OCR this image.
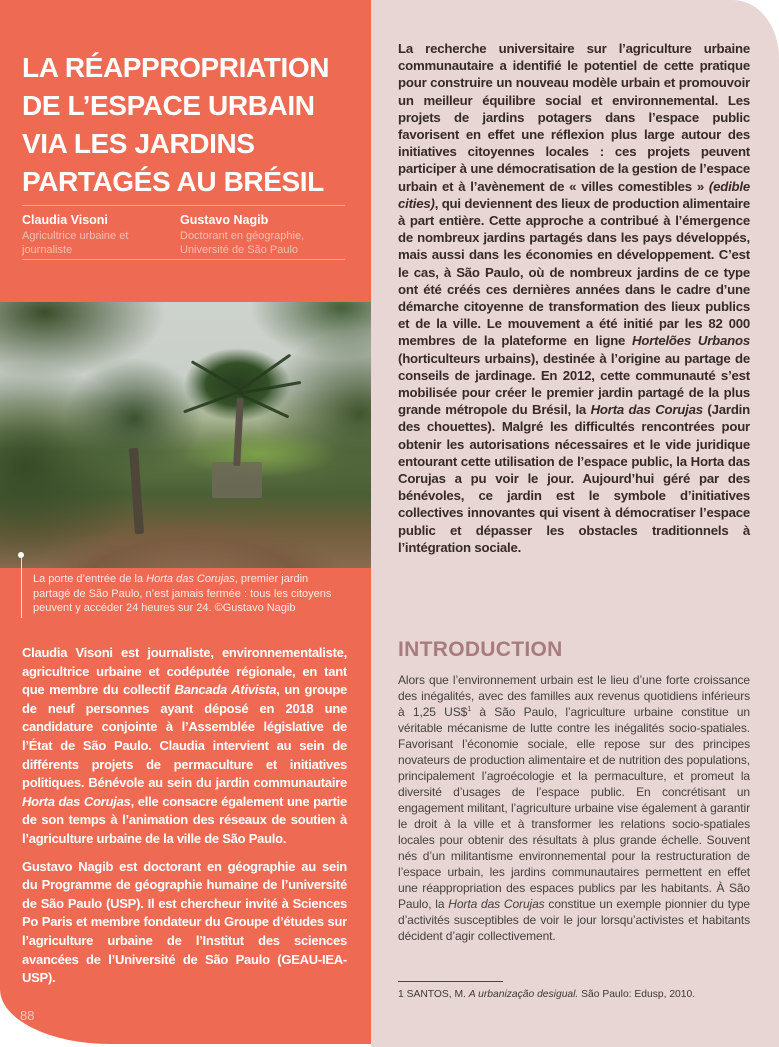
LA RÉAPPROPRIATION DE L’ESPACE URBAIN VIA LES JARDINS PARTAGÉS AU BRÉSIL
Claudia Visoni
Agricultrice urbaine et journaliste
Gustavo Nagib
Doctorant en géographie, Université de São Paulo
La porte d’entrée de la Horta das Corujas, premier jardin partagé de São Paulo, n’est jamais fermée : tous les citoyens peuvent y accéder 24 heures sur 24. ©Gustavo Nagib

Claudia Visoni est journaliste, environnementaliste, agricultrice urbaine et codéputée régionale, en tant que membre du collectif Bancada Ativista, un groupe de neuf personnes ayant déposé en 2018 une candidature conjointe à l’Assemblée législative de l’État de São Paulo. Claudia intervient au sein de différents projets de permaculture et initiatives politiques. Bénévole au sein du jardin communautaire Horta das Corujas, elle consacre également une partie de son temps à l’animation des réseaux de soutien à l’agriculture urbaine de la ville de São Paulo.

Gustavo Nagib est doctorant en géographie au sein du Programme de géographie humaine de l’université de São Paulo (USP). Il est chercheur invité à Sciences Po Paris et membre fondateur du Groupe d’études sur l’agriculture urbaine de l’Institut des sciences avancées de l’Université de São Paulo (GEAU-IEA-USP).

88
La recherche universitaire sur l’agriculture urbaine communautaire a identifié le potentiel de cette pratique pour construire un nouveau modèle urbain et promouvoir un meilleur équilibre social et environnemental. Les projets de jardins potagers dans l’espace public favorisent en effet une réflexion plus large autour des initiatives citoyennes locales : ces projets peuvent participer à une démocratisation de la gestion de l’espace urbain et à l’avènement de « villes comestibles » (edible cities), qui deviennent des lieux de production alimentaire à part entière. Cette approche a contribué à l’émergence de nombreux jardins partagés dans les pays développés, mais aussi dans les économies en développement. C’est le cas, à São Paulo, où de nombreux jardins de ce type ont été créés ces dernières années dans le cadre d’une démarche citoyenne de transformation des lieux publics et de la ville. Le mouvement a été initié par les 82 000 membres de la plateforme en ligne Hortelões Urbanos (horticulteurs urbains), destinée à l’origine au partage de conseils de jardinage. En 2012, cette communauté s’est mobilisée pour créer le premier jardin partagé de la plus grande métropole du Brésil, la Horta das Corujas (Jardin des chouettes). Malgré les difficultés rencontrées pour obtenir les autorisations nécessaires et le vide juridique entourant cette utilisation de l’espace public, la Horta das Corujas a pu voir le jour. Aujourd’hui géré par des bénévoles, ce jardin est le symbole d’initiatives collectives innovantes qui visent à démocratiser l’espace public et dépasser les obstacles traditionnels à l’intégration sociale.
INTRODUCTION
Alors que l’environnement urbain est le lieu d’une forte croissance des inégalités, avec des familles aux revenus quotidiens inférieurs à 1,25 US\$$^1$ à São Paulo, l’agriculture urbaine constitue un véritable mécanisme de lutte contre les inégalités socio-spatiales. Favorisant l’économie sociale, elle repose sur des principes novateurs de production alimentaire et de nutrition des populations, principalement l’agroécologie et la permaculture, et promeut la diversité d’usages de l’espace public. En concrétisant un engagement militant, l’agriculture urbaine vise également à garantir le droit à la ville et à transformer les relations socio-spatiales locales pour obtenir des résultats à plus grande échelle. Souvent nés d’un militantisme environnemental pour la restructuration de l’espace urbain, les jardins communautaires permettent en effet une réappropriation des espaces publics par les habitants. À São Paulo, la Horta das Corujas constitue un exemple pionnier du type d’activités susceptibles de voir le jour lorsqu’activistes et habitants décident d’agir collectivement.
1 SANTOS, M. A urbanização desigual. São Paulo: Edusp, 2010.
